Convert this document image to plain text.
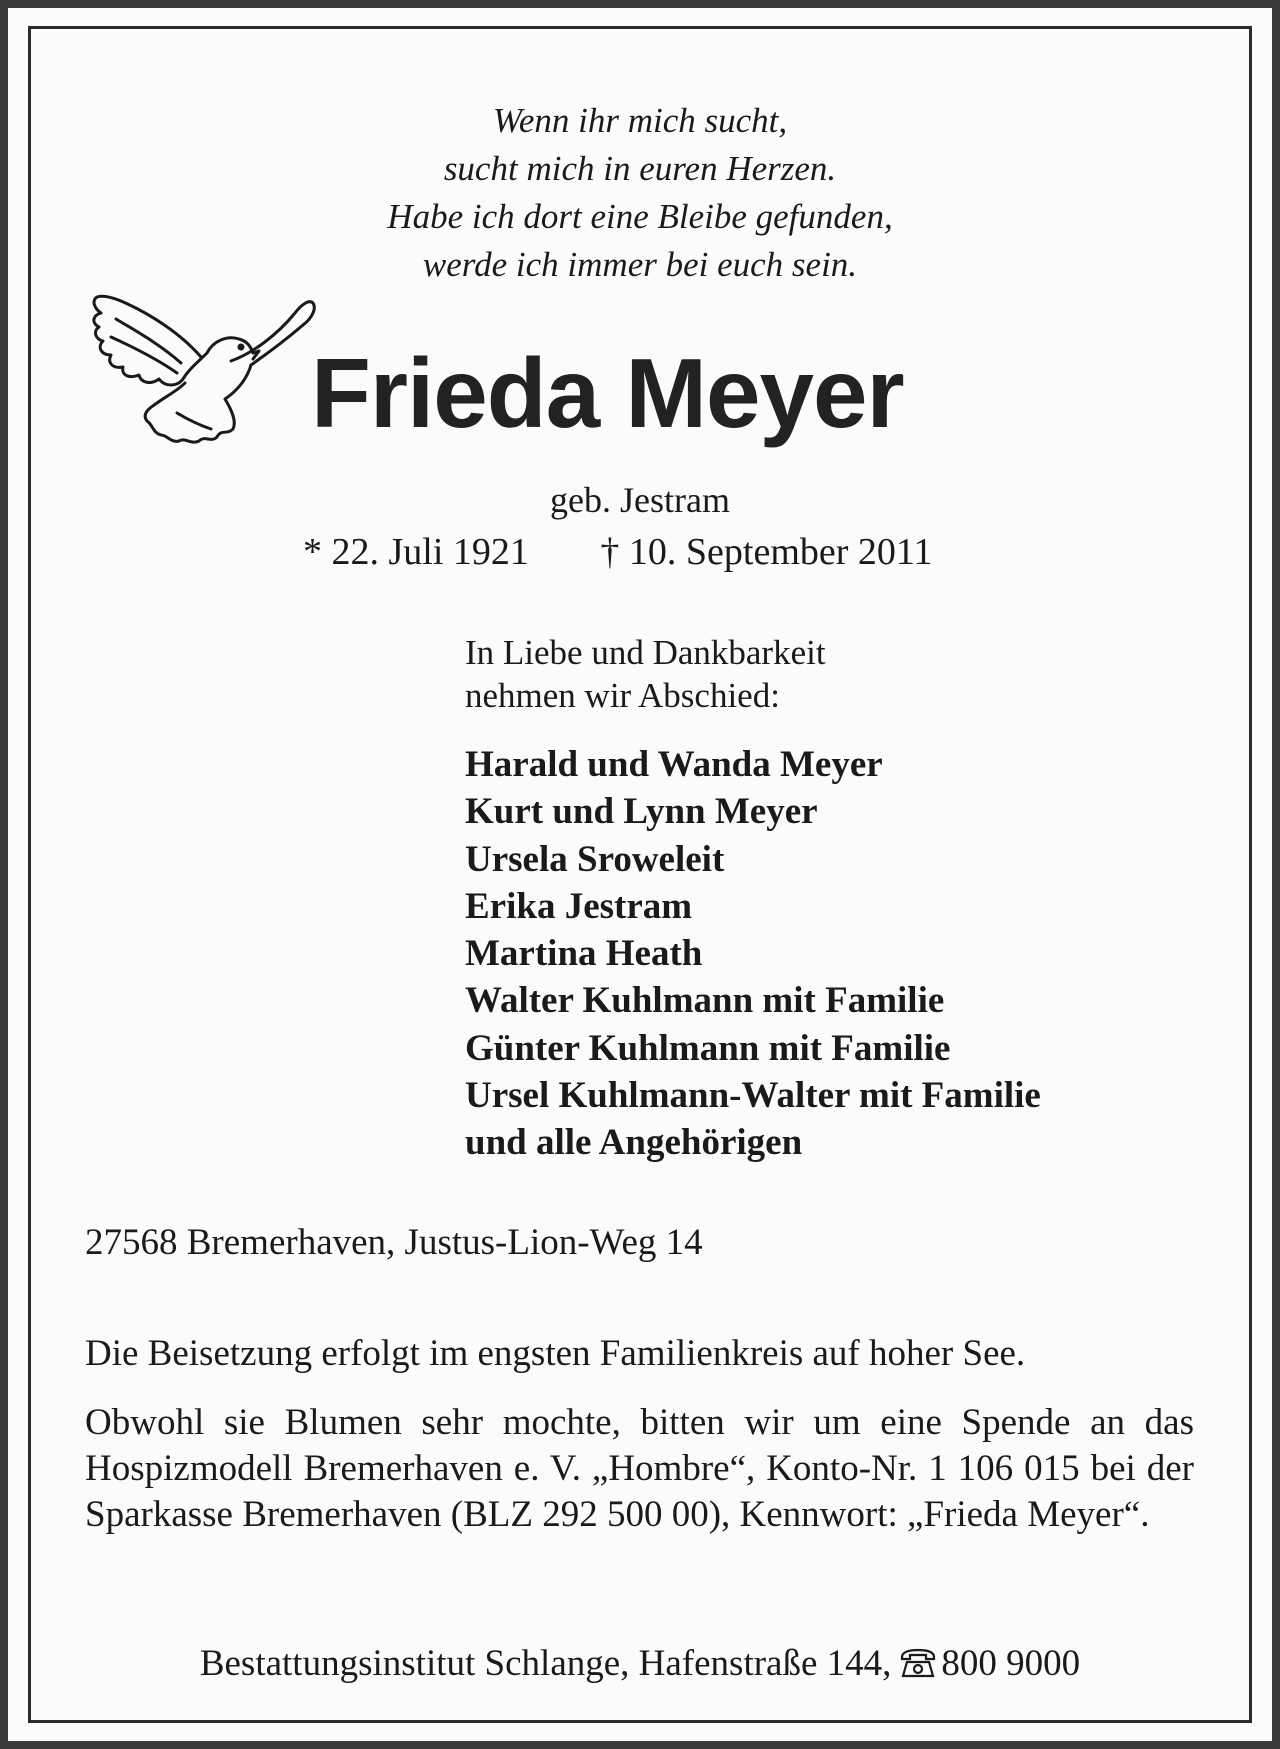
Wenn ihr mich sucht,
sucht mich in euren Herzen.
Habe ich dort eine Bleibe gefunden,
werde ich immer bei euch sein.
Frieda Meyer
geb. Jestram
* 22. Juli 1921 † 10. September 2011
In Liebe und Dankbarkeit
nehmen wir Abschied:
Harald und Wanda Meyer
Kurt und Lynn Meyer
Ursela Sroweleit
Erika Jestram
Martina Heath
Walter Kuhlmann mit Familie
Günter Kuhlmann mit Familie
Ursel Kuhlmann-Walter mit Familie
und alle Angehörigen
27568 Bremerhaven, Justus-Lion-Weg 14
Die Beisetzung erfolgt im engsten Familienkreis auf hoher See.
Obwohl sie Blumen sehr mochte, bitten wir um eine Spende an das Hospizmodell Bremerhaven e. V. „Hombre“, Konto-Nr. 1 106 015 bei der Sparkasse Bremerhaven (BLZ 292 500 00), Kennwort: „Frieda Meyer“.
Bestattungsinstitut Schlange, Hafenstraße 144, 800 9000
